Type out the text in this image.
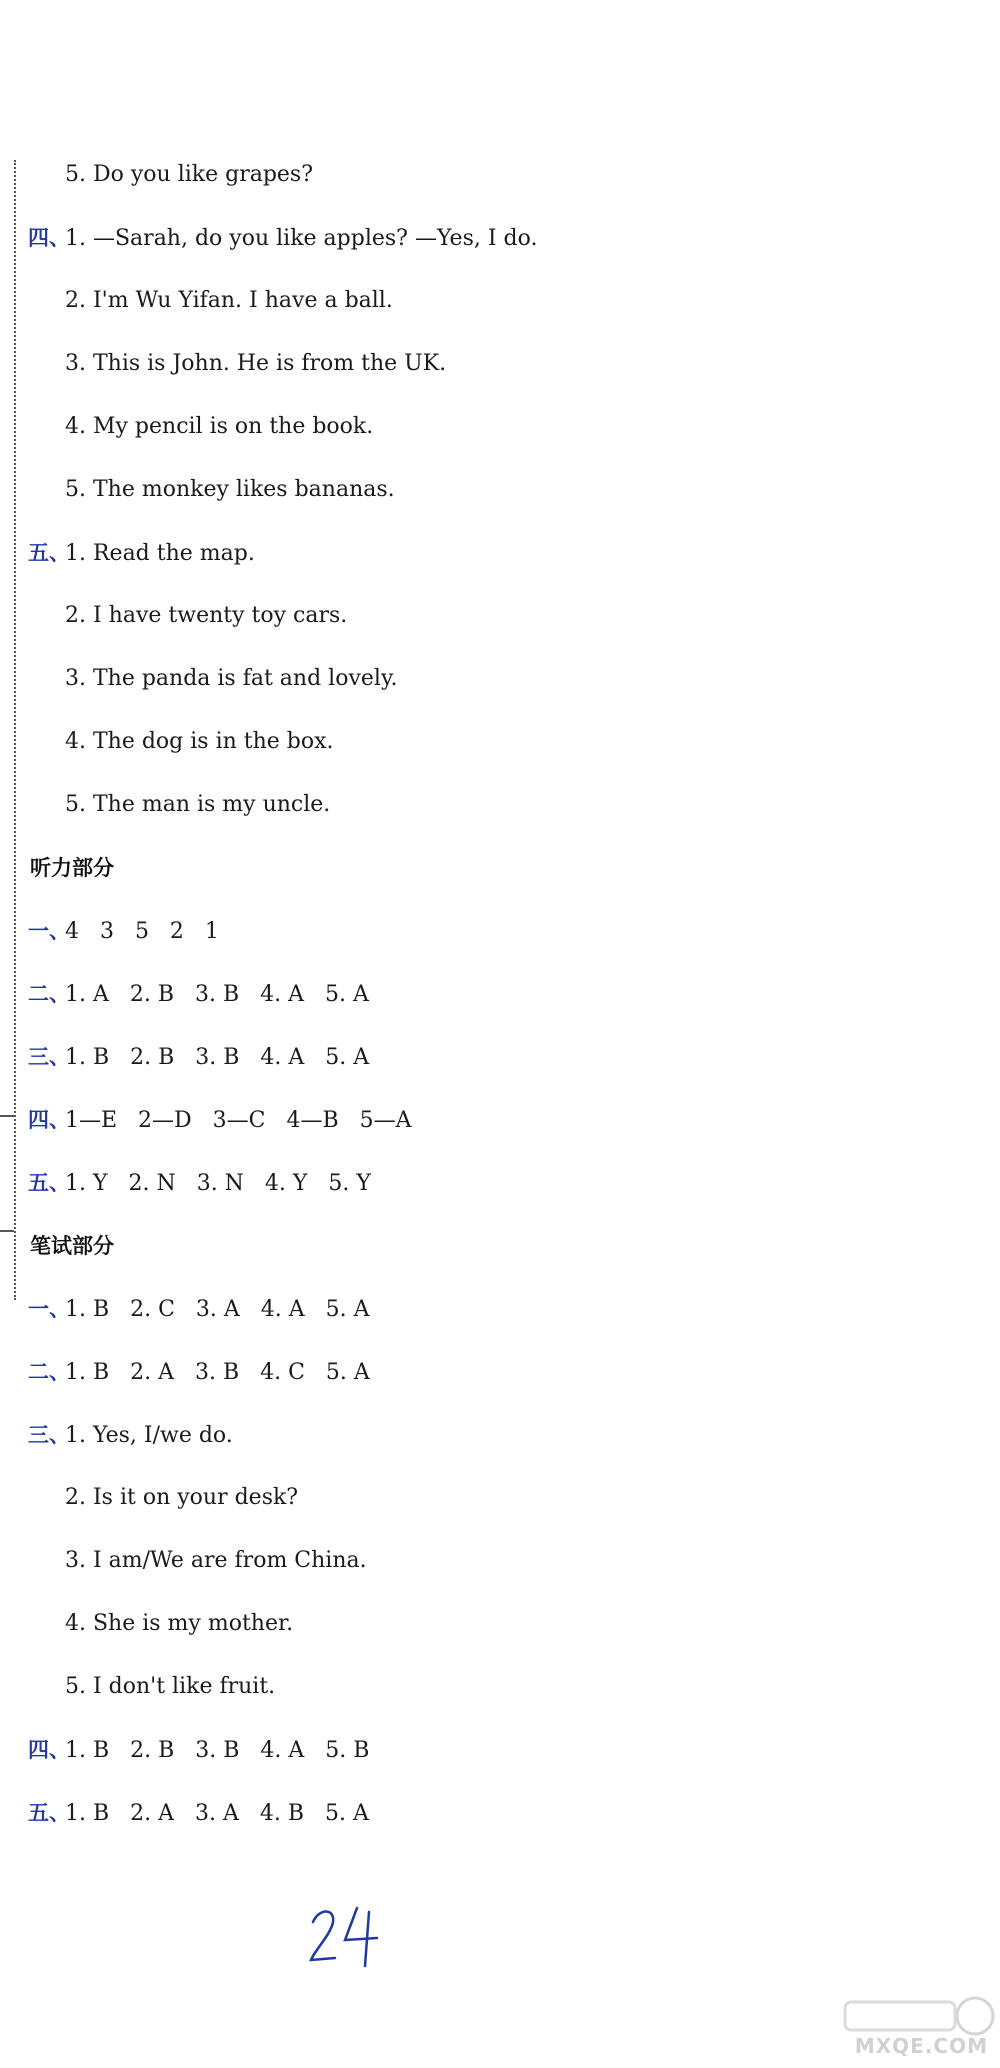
5. Do you like grapes?
四、1. —Sarah, do you like apples? —Yes, I do.
2. I'm Wu Yifan. I have a ball.
3. This is John. He is from the UK.
4. My pencil is on the book.
5. The monkey likes bananas.
五、1. Read the map.
2. I have twenty toy cars.
3. The panda is fat and lovely.
4. The dog is in the box.
5. The man is my uncle.
听力部分
一、4   3   5   2   1
二、1. A   2. B   3. B   4. A   5. A
三、1. B   2. B   3. B   4. A   5. A
四、1—E   2—D   3—C   4—B   5—A
五、1. Y   2. N   3. N   4. Y   5. Y
笔试部分
一、1. B   2. C   3. A   4. A   5. A
二、1. B   2. A   3. B   4. C   5. A
三、1. Yes, I/we do.
2. Is it on your desk?
3. I am/We are from China.
4. She is my mother.
5. I don't like fruit.
四、1. B   2. B   3. B   4. A   5. B
五、1. B   2. A   3. A   4. B   5. A
MXQE.COM
